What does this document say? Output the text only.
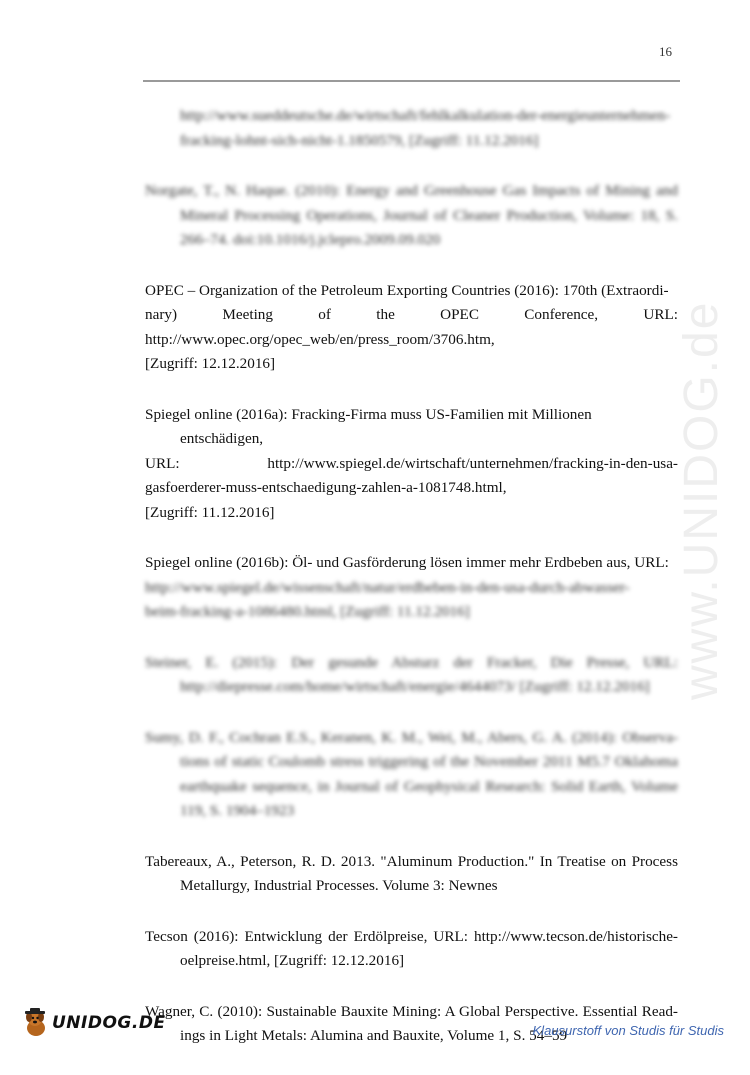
16
www.UNIDOG.de
http://www.sueddeutsche.de/wirtschaft/fehlkalkulation-der-energieunternehmen-
fracking-lohnt-sich-nicht-1.1850579, [Zugriff: 11.12.2016]
Norgate, T., N. Haque. (2010): Energy and Greenhouse Gas Impacts of Mining and Mineral Processing Operations, Journal of Cleaner Production, Volume: 18, S. 266–74. doi:10.1016/j.jclepro.2009.09.020
OPEC – Organization of the Petroleum Exporting Countries (2016): 170th (Extraordi-
nary) Meeting of the OPEC Conference, URL:
http://www.opec.org/opec_web/en/press_room/3706.htm,
[Zugriff: 12.12.2016]
Spiegel online (2016a): Fracking-Firma muss US-Familien mit Millionen entschädigen,
URL: http://www.spiegel.de/wirtschaft/unternehmen/fracking-in-den-usa-
gasfoerderer-muss-entschaedigung-zahlen-a-1081748.html,
[Zugriff: 11.12.2016]
Spiegel online (2016b): Öl- und Gasförderung lösen immer mehr Erdbeben aus, URL:
http://www.spiegel.de/wissenschaft/natur/erdbeben-in-den-usa-durch-abwasser-
beim-fracking-a-1086480.html, [Zugriff: 11.12.2016]
Steiner, E. (2015): Der gesunde Absturz der Fracker, Die Presse, URL: http://diepresse.com/home/wirtschaft/energie/4644073/ [Zugriff: 12.12.2016]
Sumy, D. F., Cochran E.S., Keranen, K. M., Wei, M., Abers, G. A. (2014): Observa- tions of static Coulomb stress triggering of the November 2011 M5.7 Oklahoma earthquake sequence, in Journal of Geophysical Research: Solid Earth, Volume 119, S. 1904–1923
Tabereaux, A., Peterson, R. D. 2013. "Aluminum Production." In Treatise on Process Metallurgy, Industrial Processes. Volume 3: Newnes
Tecson (2016): Entwicklung der Erdölpreise, URL: http://www.tecson.de/historische- oelpreise.html, [Zugriff: 12.12.2016]
Wagner, C. (2010): Sustainable Bauxite Mining: A Global Perspective. Essential Read- ings in Light Metals: Alumina and Bauxite, Volume 1, S. 54–59
UNIDOG.DE	Klausurstoff von Studis für Studis
